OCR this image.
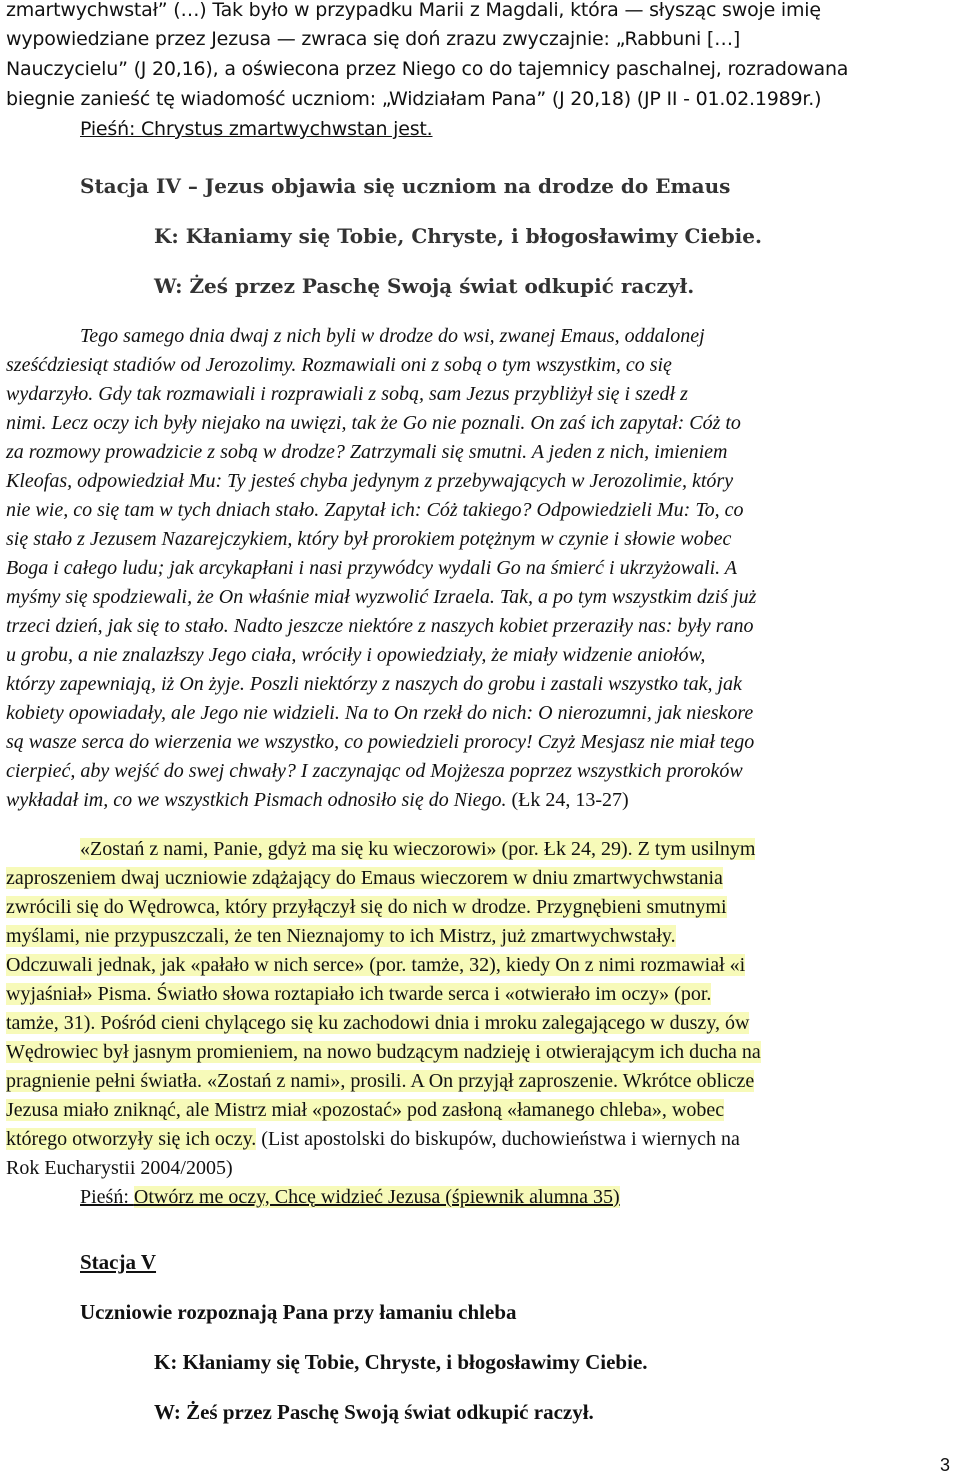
zmartwychwstał” (…) Tak było w przypadku Marii z Magdali, która — słysząc swoje imię
wypowiedziane przez Jezusa — zwraca się doń zrazu zwyczajnie: „Rabbuni […]
Nauczycielu” (J 20,16), a oświecona przez Niego co do tajemnicy paschalnej, rozradowana
biegnie zanieść tę wiadomość uczniom: „Widziałam Pana” (J 20,18) (JP II - 01.02.1989r.)
Pieśń: Chrystus zmartwychwstan jest.
Stacja IV – Jezus objawia się uczniom na drodze do Emaus
K: Kłaniamy się Tobie, Chryste, i błogosławimy Ciebie.
W: Żeś przez Paschę Swoją świat odkupić raczył.
Tego samego dnia dwaj z nich byli w drodze do wsi, zwanej Emaus, oddalonej
sześćdziesiąt stadiów od Jerozolimy. Rozmawiali oni z sobą o tym wszystkim, co się
wydarzyło. Gdy tak rozmawiali i rozprawiali z sobą, sam Jezus przybliżył się i szedł z
nimi. Lecz oczy ich były niejako na uwięzi, tak że Go nie poznali. On zaś ich zapytał: Cóż to
za rozmowy prowadzicie z sobą w drodze? Zatrzymali się smutni. A jeden z nich, imieniem
Kleofas, odpowiedział Mu: Ty jesteś chyba jedynym z przebywających w Jerozolimie, który
nie wie, co się tam w tych dniach stało. Zapytał ich: Cóż takiego? Odpowiedzieli Mu: To, co
się stało z Jezusem Nazarejczykiem, który był prorokiem potężnym w czynie i słowie wobec
Boga i całego ludu; jak arcykapłani i nasi przywódcy wydali Go na śmierć i ukrzyżowali. A
myśmy się spodziewali, że On właśnie miał wyzwolić Izraela. Tak, a po tym wszystkim dziś już
trzeci dzień, jak się to stało. Nadto jeszcze niektóre z naszych kobiet przeraziły nas: były rano
u grobu, a nie znalazłszy Jego ciała, wróciły i opowiedziały, że miały widzenie aniołów,
którzy zapewniają, iż On żyje. Poszli niektórzy z naszych do grobu i zastali wszystko tak, jak
kobiety opowiadały, ale Jego nie widzieli. Na to On rzekł do nich: O nierozumni, jak nieskore
są wasze serca do wierzenia we wszystko, co powiedzieli prorocy! Czyż Mesjasz nie miał tego
cierpieć, aby wejść do swej chwały? I zaczynając od Mojżesza poprzez wszystkich proroków
wykładał im, co we wszystkich Pismach odnosiło się do Niego. (Łk 24, 13-27)
«Zostań z nami, Panie, gdyż ma się ku wieczorowi» (por. Łk 24, 29). Z tym usilnym
zaproszeniem dwaj uczniowie zdążający do Emaus wieczorem w dniu zmartwychwstania
zwrócili się do Wędrowca, który przyłączył się do nich w drodze. Przygnębieni smutnymi
myślami, nie przypuszczali, że ten Nieznajomy to ich Mistrz, już zmartwychwstały.
Odczuwali jednak, jak «pałało w nich serce» (por. tamże, 32), kiedy On z nimi rozmawiał «i
wyjaśniał» Pisma. Światło słowa roztapiało ich twarde serca i «otwierało im oczy» (por.
tamże, 31). Pośród cieni chylącego się ku zachodowi dnia i mroku zalegającego w duszy, ów
Wędrowiec był jasnym promieniem, na nowo budzącym nadzieję i otwierającym ich ducha na
pragnienie pełni światła. «Zostań z nami», prosili. A On przyjął zaproszenie. Wkrótce oblicze
Jezusa miało zniknąć, ale Mistrz miał «pozostać» pod zasłoną «łamanego chleba», wobec
którego otworzyły się ich oczy. (List apostolski do biskupów, duchowieństwa i wiernych na
Rok Eucharystii 2004/2005)
Pieśń: Otwórz me oczy, Chcę widzieć Jezusa (śpiewnik alumna 35)
Stacja V
Uczniowie rozpoznają Pana przy łamaniu chleba
K: Kłaniamy się Tobie, Chryste, i błogosławimy Ciebie.
W: Żeś przez Paschę Swoją świat odkupić raczył.
3
